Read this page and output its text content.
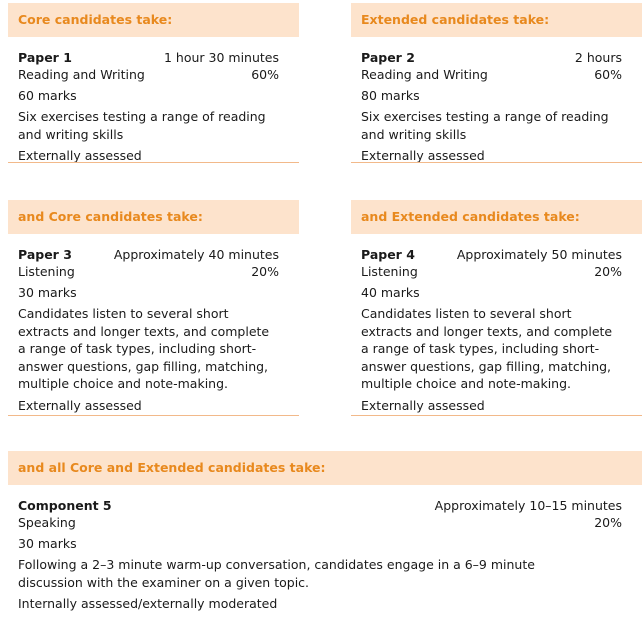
Core candidates take:
Paper 1	1 hour 30 minutes
Reading and Writing	60%
60 marks
Six exercises testing a range of reading and writing skills
Externally assessed
Extended candidates take:
Paper 2	2 hours
Reading and Writing	60%
80 marks
Six exercises testing a range of reading and writing skills
Externally assessed
and Core candidates take:
Paper 3	Approximately 40 minutes
Listening	20%
30 marks
Candidates listen to several short extracts and longer texts, and complete a range of task types, including short-answer questions, gap filling, matching, multiple choice and note-making.
Externally assessed
and Extended candidates take:
Paper 4	Approximately 50 minutes
Listening	20%
40 marks
Candidates listen to several short extracts and longer texts, and complete a range of task types, including short-answer questions, gap filling, matching, multiple choice and note-making.
Externally assessed
and all Core and Extended candidates take:
Component 5	Approximately 10–15 minutes
Speaking	20%
30 marks
Following a 2–3 minute warm-up conversation, candidates engage in a 6–9 minute discussion with the examiner on a given topic.
Internally assessed/externally moderated
